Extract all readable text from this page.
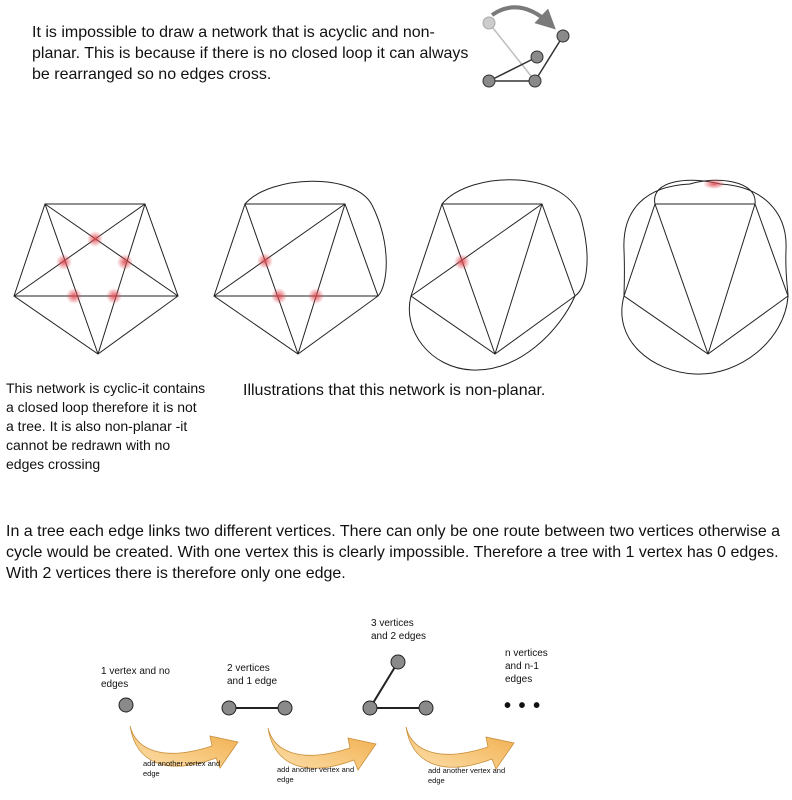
It is impossible to draw a network that is acyclic and non-planar. This is because if there is no closed loop it can always be rearranged so no edges cross.

This network is cyclic-it contains a closed loop therefore it is not a tree. It is also non-planar -it cannot be redrawn with no edges crossing

Illustrations that this network is non-planar.

In a tree each edge links two different vertices. There can only be one route between two vertices otherwise a cycle would be created. With one vertex this is clearly impossible. Therefore a tree with 1 vertex has 0 edges. With 2 vertices there is therefore only one edge.

1 vertex and no edges

2 vertices and 1 edge

3 vertices and 2 edges

n vertices and n-1 edges

• • •

add another vertex and edge	add another vertex and edge

add another vertex and edge
